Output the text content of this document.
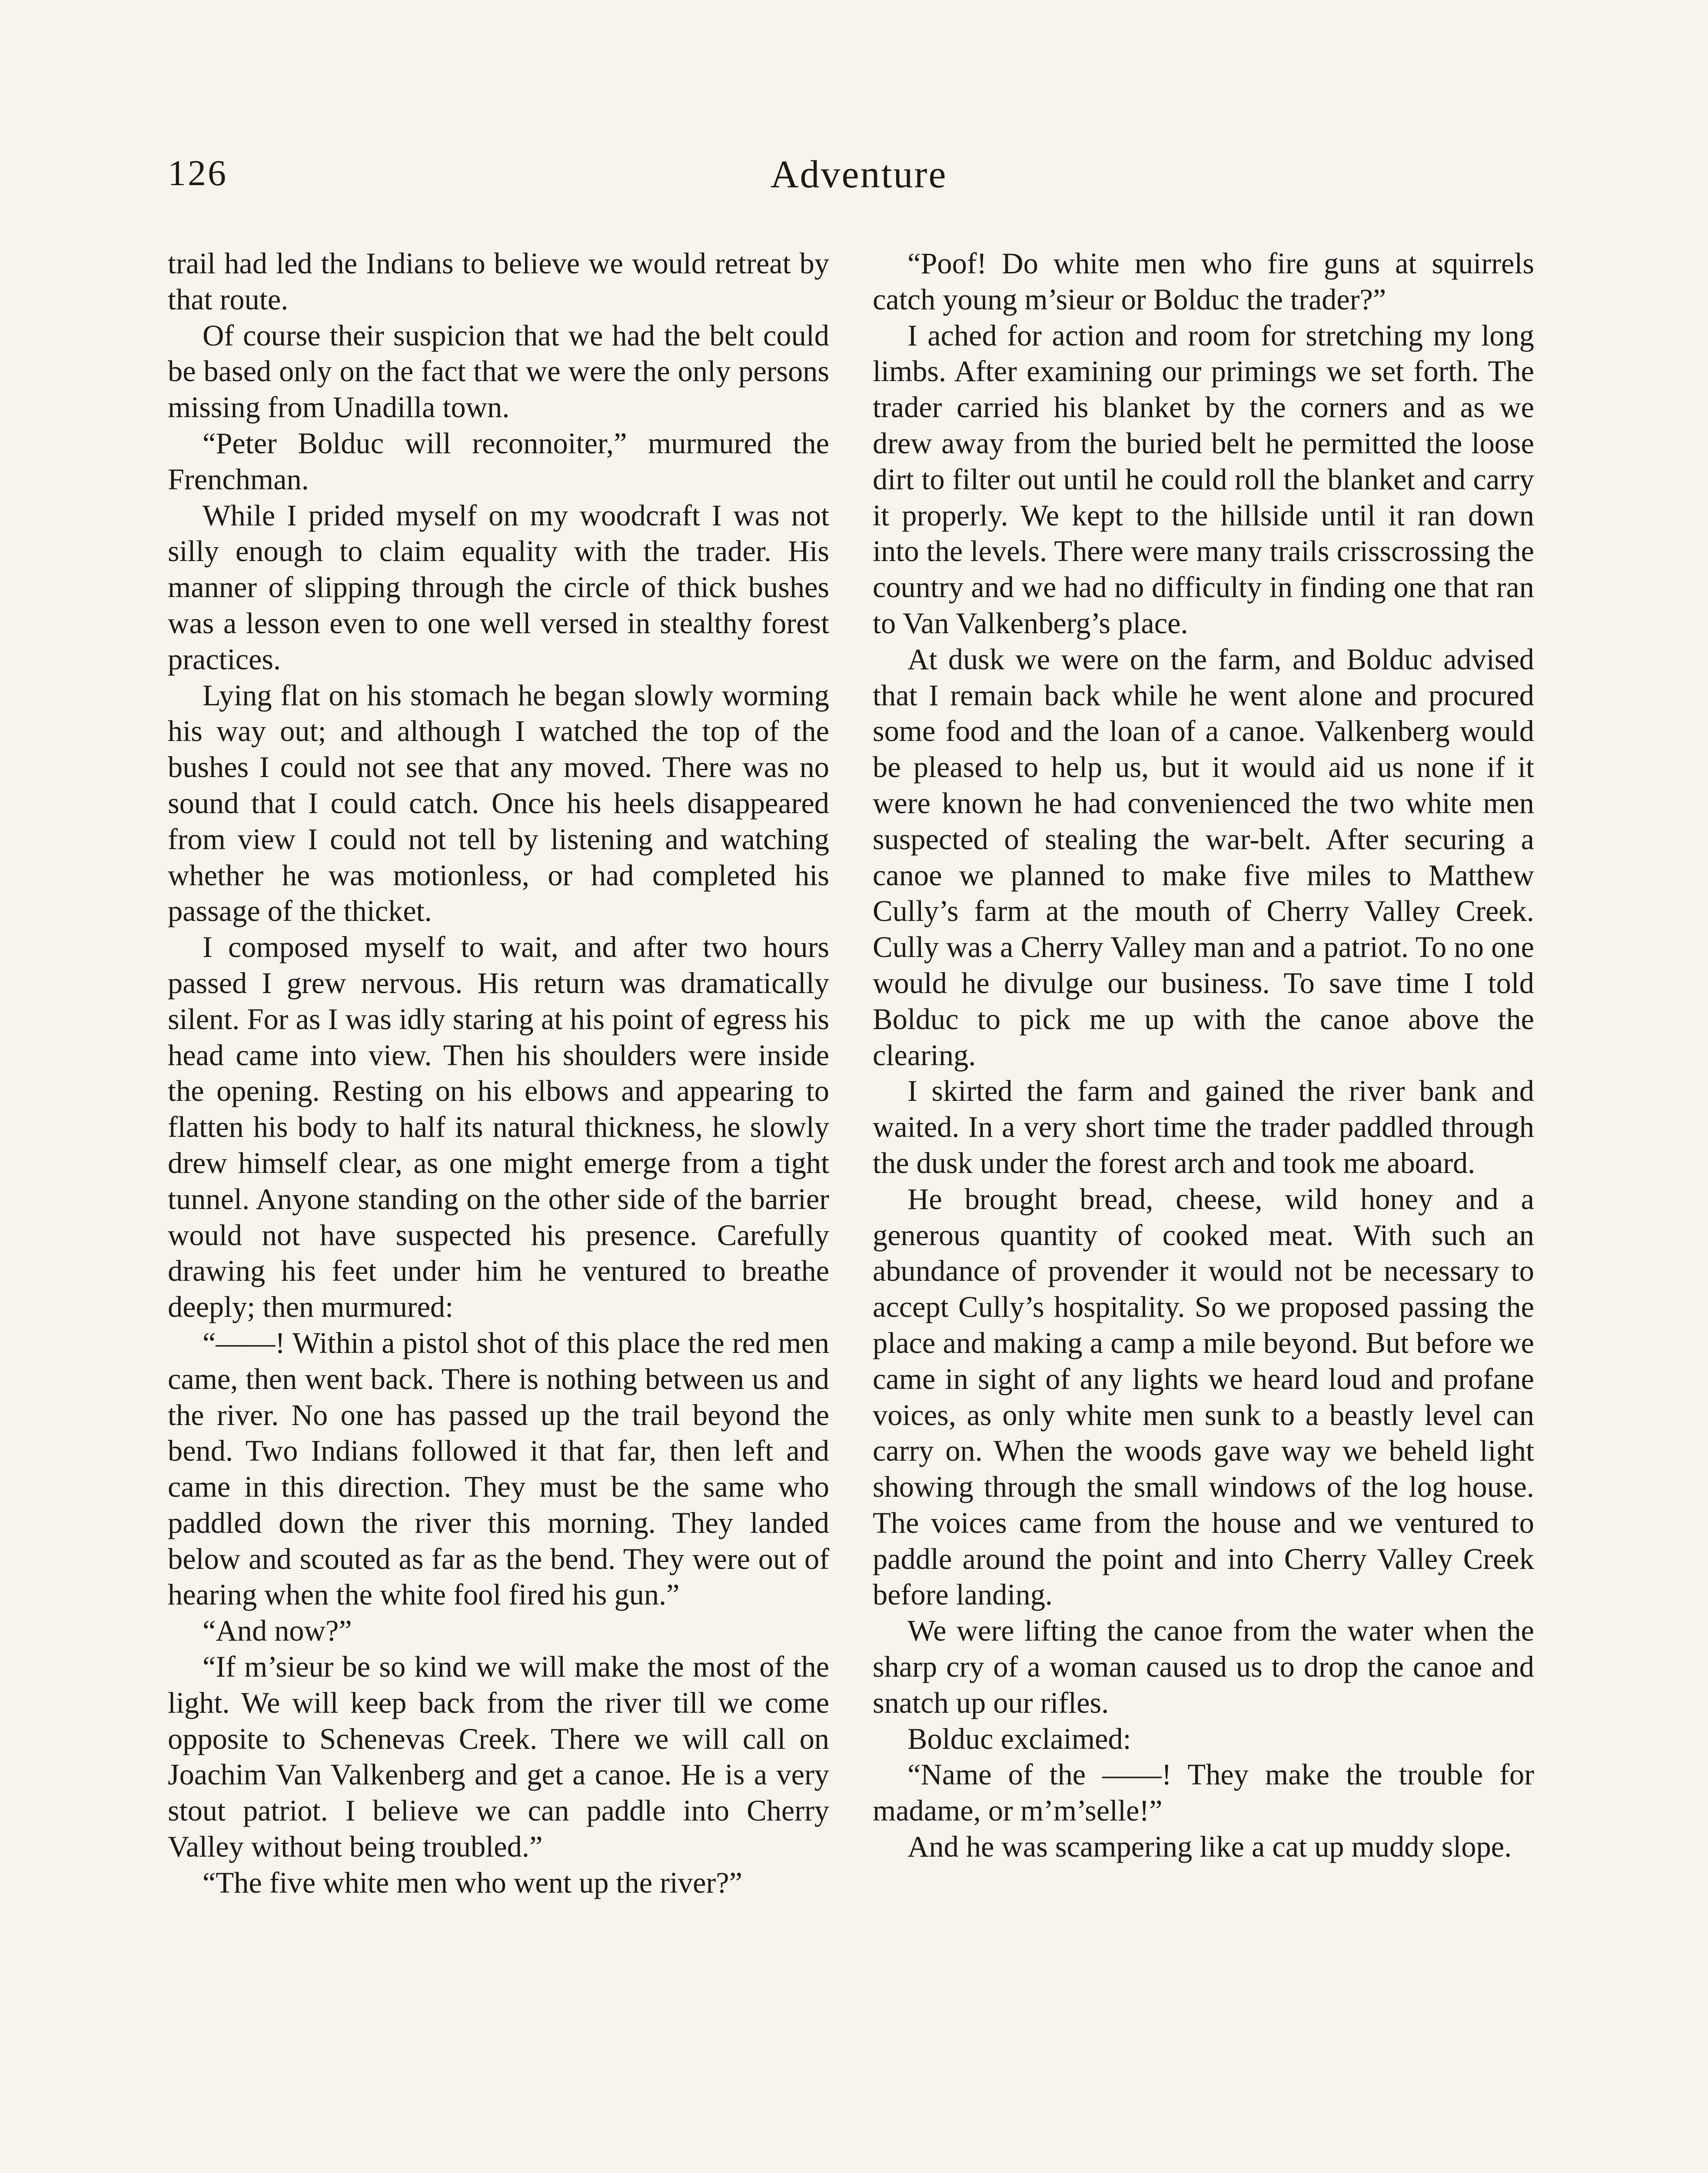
126	Adventure

trail had led the Indians to believe we would retreat by that route.

Of course their suspicion that we had the belt could be based only on the fact that we were the only persons missing from Unadilla town.

“Peter Bolduc will reconnoiter,” murmured the Frenchman.

While I prided myself on my woodcraft I was not silly enough to claim equality with the trader. His manner of slipping through the circle of thick bushes was a lesson even to one well versed in stealthy forest practices.

Lying flat on his stomach he began slowly worming his way out; and although I watched the top of the bushes I could not see that any moved. There was no sound that I could catch. Once his heels disappeared from view I could not tell by listening and watching whether he was motionless, or had completed his passage of the thicket.

I composed myself to wait, and after two hours passed I grew nervous. His return was dramatically silent. For as I was idly staring at his point of egress his head came into view. Then his shoulders were inside the opening. Resting on his elbows and appearing to flatten his body to half its natural thickness, he slowly drew himself clear, as one might emerge from a tight tunnel. Anyone standing on the other side of the barrier would not have suspected his presence. Carefully drawing his feet under him he ventured to breathe deeply; then murmured:

“——! Within a pistol shot of this place the red men came, then went back. There is nothing between us and the river. No one has passed up the trail beyond the bend. Two Indians followed it that far, then left and came in this direction. They must be the same who paddled down the river this morning. They landed below and scouted as far as the bend. They were out of hearing when the white fool fired his gun.”

“And now?”

“If m’sieur be so kind we will make the most of the light. We will keep back from the river till we come opposite to Schenevas Creek. There we will call on Joachim Van Valkenberg and get a canoe. He is a very stout patriot. I believe we can paddle into Cherry Valley without being troubled.”

“The five white men who went up the river?”

“Poof! Do white men who fire guns at squirrels catch young m’sieur or Bolduc the trader?”

I ached for action and room for stretching my long limbs. After examining our primings we set forth. The trader carried his blanket by the corners and as we drew away from the buried belt he permitted the loose dirt to filter out until he could roll the blanket and carry it properly. We kept to the hillside until it ran down into the levels. There were many trails crisscrossing the country and we had no difficulty in finding one that ran to Van Valkenberg’s place.

At dusk we were on the farm, and Bolduc advised that I remain back while he went alone and procured some food and the loan of a canoe. Valkenberg would be pleased to help us, but it would aid us none if it were known he had convenienced the two white men suspected of stealing the war-belt. After securing a canoe we planned to make five miles to Matthew Cully’s farm at the mouth of Cherry Valley Creek. Cully was a Cherry Valley man and a patriot. To no one would he divulge our business. To save time I told Bolduc to pick me up with the canoe above the clearing.

I skirted the farm and gained the river bank and waited. In a very short time the trader paddled through the dusk under the forest arch and took me aboard.

He brought bread, cheese, wild honey and a generous quantity of cooked meat. With such an abundance of provender it would not be necessary to accept Cully’s hospitality. So we proposed passing the place and making a camp a mile beyond. But before we came in sight of any lights we heard loud and profane voices, as only white men sunk to a beastly level can carry on. When the woods gave way we beheld light showing through the small windows of the log house. The voices came from the house and we ventured to paddle around the point and into Cherry Valley Creek before landing.

We were lifting the canoe from the water when the sharp cry of a woman caused us to drop the canoe and snatch up our rifles.

Bolduc exclaimed:

“Name of the ——! They make the trouble for madame, or m’m’selle!”

And he was scampering like a cat up muddy slope.
